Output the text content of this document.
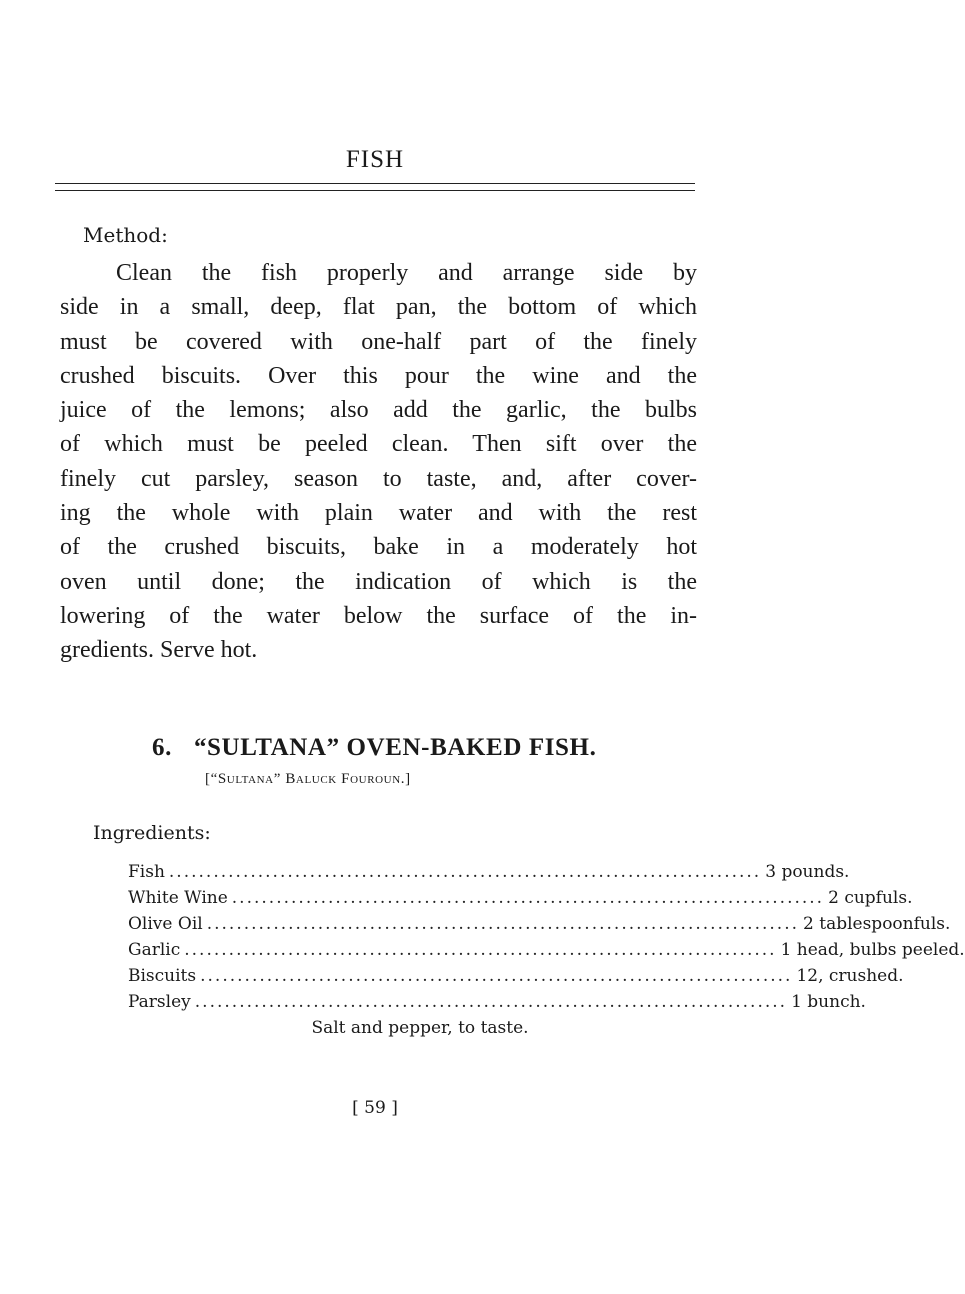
FISH
Method:
Clean the fish properly and arrange side by
side in a small, deep, flat pan, the bottom of which
must be covered with one-half part of the finely
crushed biscuits. Over this pour the wine and the
juice of the lemons; also add the garlic, the bulbs
of which must be peeled clean. Then sift over the
finely cut parsley, season to taste, and, after cover-
ing the whole with plain water and with the rest
of the crushed biscuits, bake in a moderately hot
oven until done; the indication of which is the
lowering of the water below the surface of the in-
gredients. Serve hot.
6. “SULTANA” OVEN-BAKED FISH.
[“Sultana” Baluck Fouroun.]
Ingredients:
Fish ................................................................................ 3 pounds.
White Wine ................................................................................ 2 cupfuls.
Olive Oil ................................................................................ 2 tablespoonfuls.
Garlic ................................................................................ 1 head, bulbs peeled.
Biscuits ................................................................................ 12, crushed.
Parsley ................................................................................ 1 bunch.
Salt and pepper, to taste.
[ 59 ]
